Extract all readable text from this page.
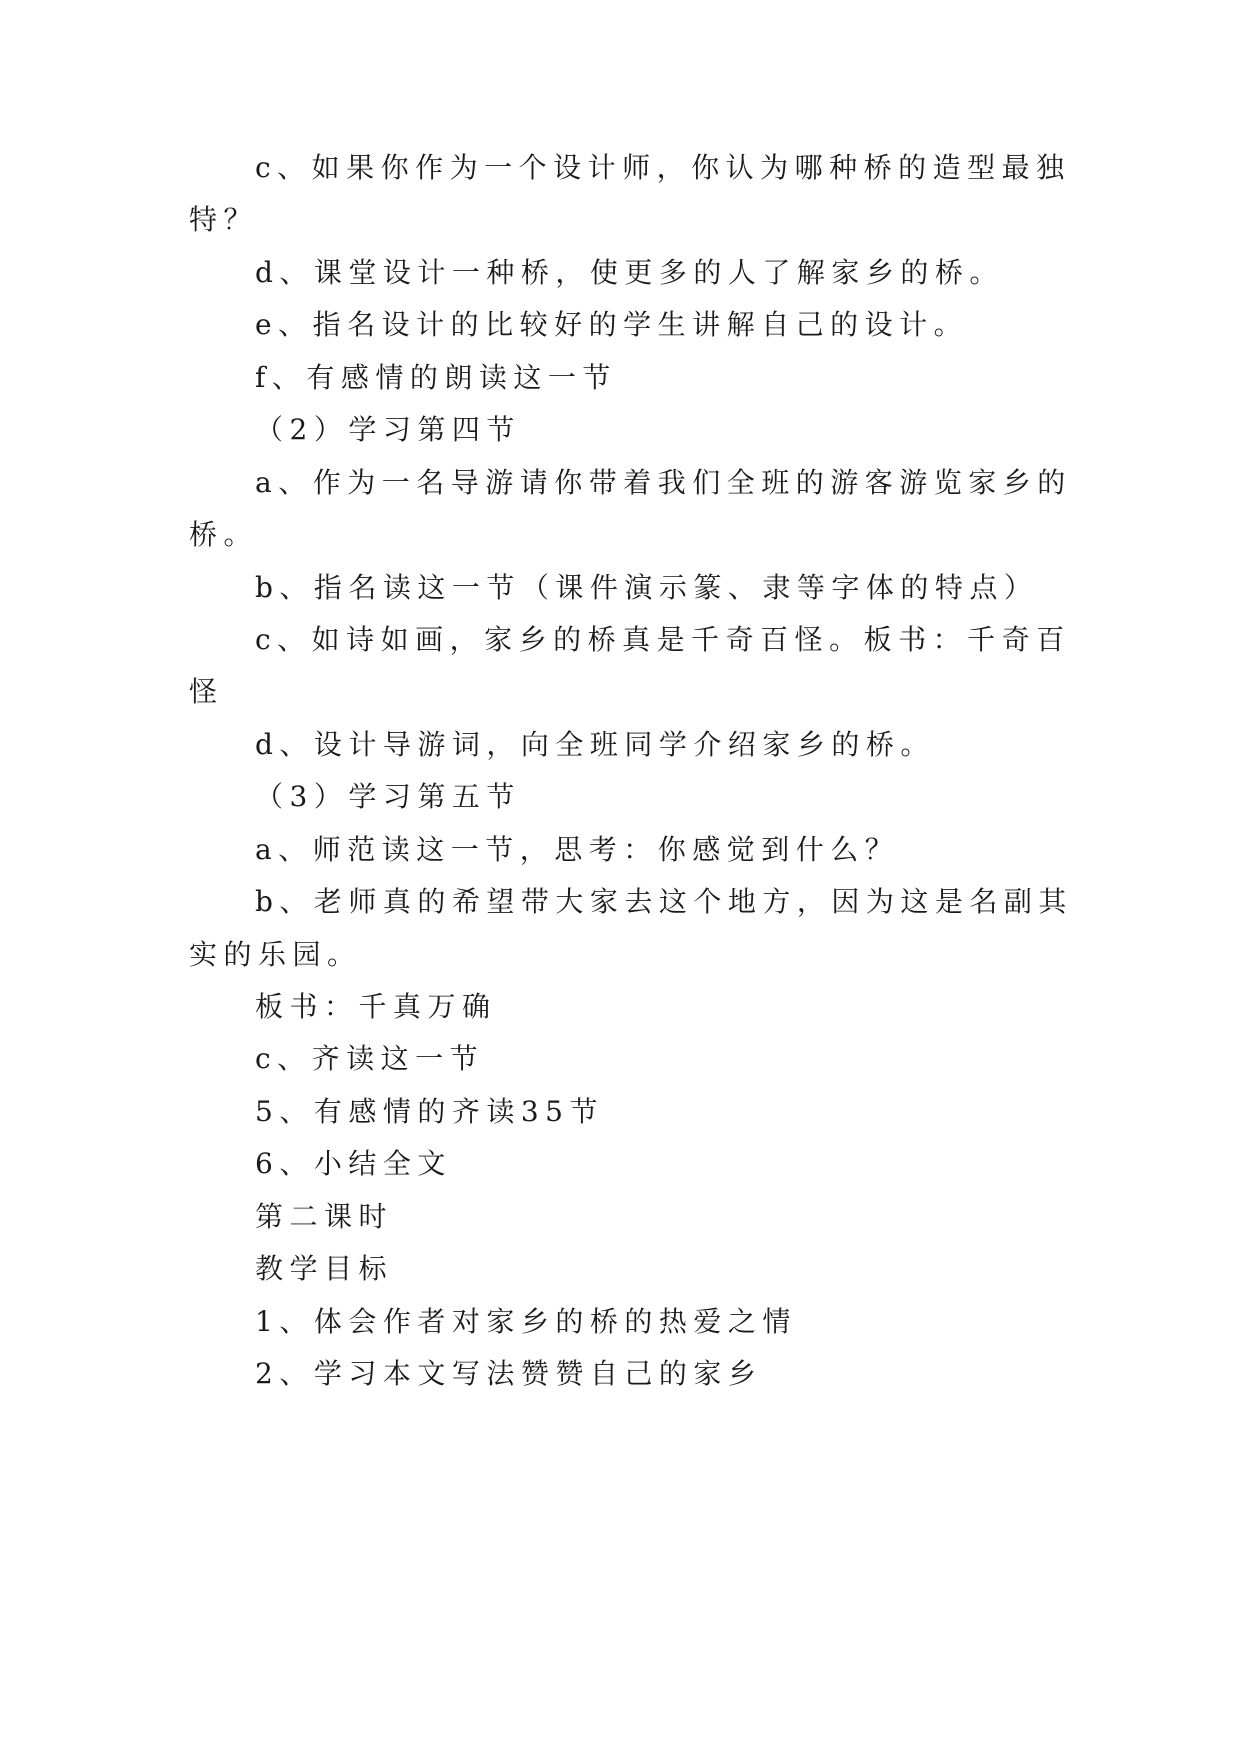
c、如果你作为一个设计师，你认为哪种桥的造型最独
特？
d、课堂设计一种桥，使更多的人了解家乡的桥。
e、指名设计的比较好的学生讲解自己的设计。
f、有感情的朗读这一节
（2）学习第四节
a、作为一名导游请你带着我们全班的游客游览家乡的
桥。
b、指名读这一节（课件演示篆、隶等字体的特点）
c、如诗如画，家乡的桥真是千奇百怪。板书：千奇百
怪
d、设计导游词，向全班同学介绍家乡的桥。
（3）学习第五节
a、师范读这一节，思考：你感觉到什么？
b、老师真的希望带大家去这个地方，因为这是名副其
实的乐园。
板书：千真万确
c、齐读这一节
5、有感情的齐读35节
6、小结全文
第二课时
教学目标
1、体会作者对家乡的桥的热爱之情
2、学习本文写法赞赞自己的家乡
